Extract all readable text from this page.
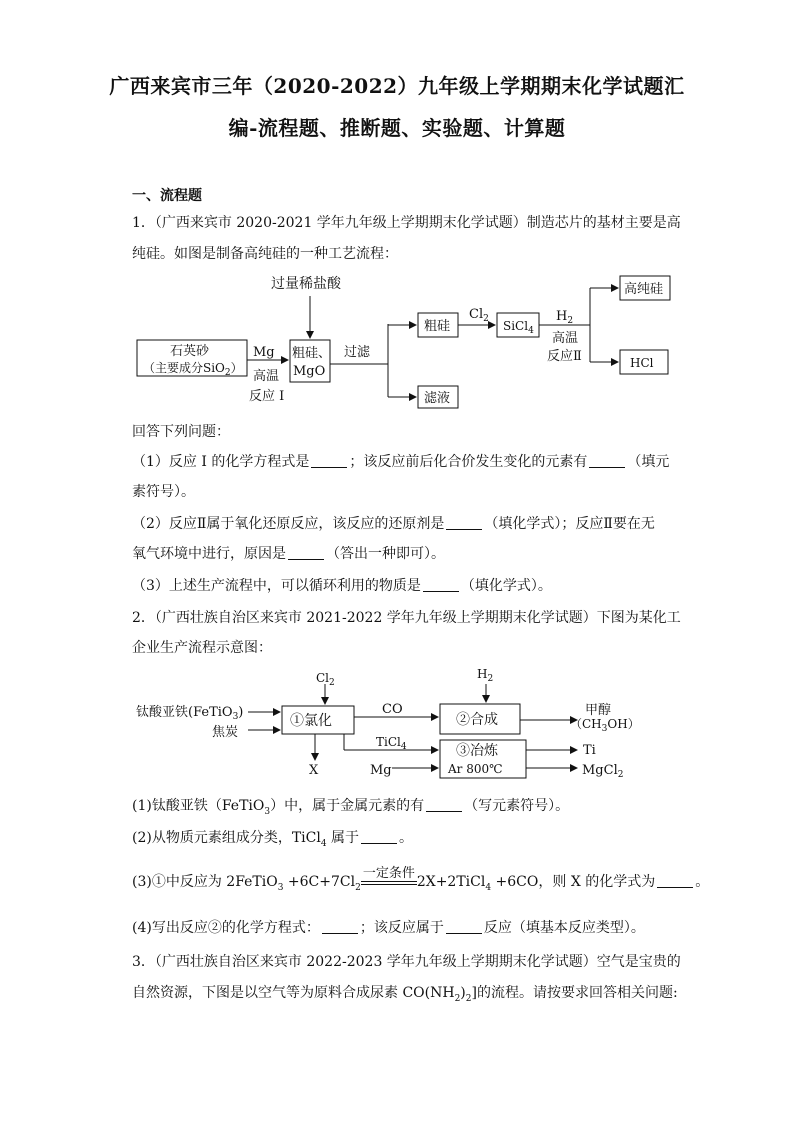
广西来宾市三年（2020-2022）九年级上学期期末化学试题汇
编-流程题、推断题、实验题、计算题
一、流程题
1．（广西来宾市 2020-2021 学年九年级上学期期末化学试题）制造芯片的基材主要是高
纯硅。如图是制备高纯硅的一种工艺流程：
过量稀盐酸
石英砂
（主要成分SiO$_2$）
Mg
高温
反应 I
粗硅、
MgO
过滤
粗硅
滤液
$Cl_2$ SiCl$_4$
$H_2$
高温
反应Ⅱ
高纯硅
HCl
回答下列问题：
（1）反应 I 的化学方程式是	；该反应前后化合价发生变化的元素有	（填元
素符号）。
（2）反应Ⅱ属于氧化还原反应，该反应的还原剂是	（填化学式）；反应Ⅱ要在无
氧气环境中进行，原因是	（答出一种即可）。
（3）上述生产流程中，可以循环利用的物质是	（填化学式）。
2．（广西壮族自治区来宾市 2021-2022 学年九年级上学期期末化学试题）下图为某化工
企业生产流程示意图：
$Cl_2$
$H_2$
钛酸亚铁(FeTiO$_3$)
焦炭
①氯化
CO
②合成
甲醇
$(CH_3OH)$
TiCl$_4$
X	Mg
③冶炼
Ar 800℃
Ti
MgCl$_2$
(1)钛酸亚铁（FeTiO$_3$）中，属于金属元素的有	（写元素符号）。
(2)从物质元素组成分类，TiCl$_4$ 属于	。
(3)①中反应为 2FeTiO$_3$ $+6C+7Cl_2$
一定条件
2X+2TiCl$_4$ +6CO，则 X 的化学式为	。
(4)写出反应②的化学方程式：	；该反应属于	反应（填基本反应类型）。
3．（广西壮族自治区来宾市 2022-2023 学年九年级上学期期末化学试题）空气是宝贵的
自然资源，下图是以空气等为原料合成尿素 $CO(NH_2)_2$]的流程。请按要求回答相关问题:
